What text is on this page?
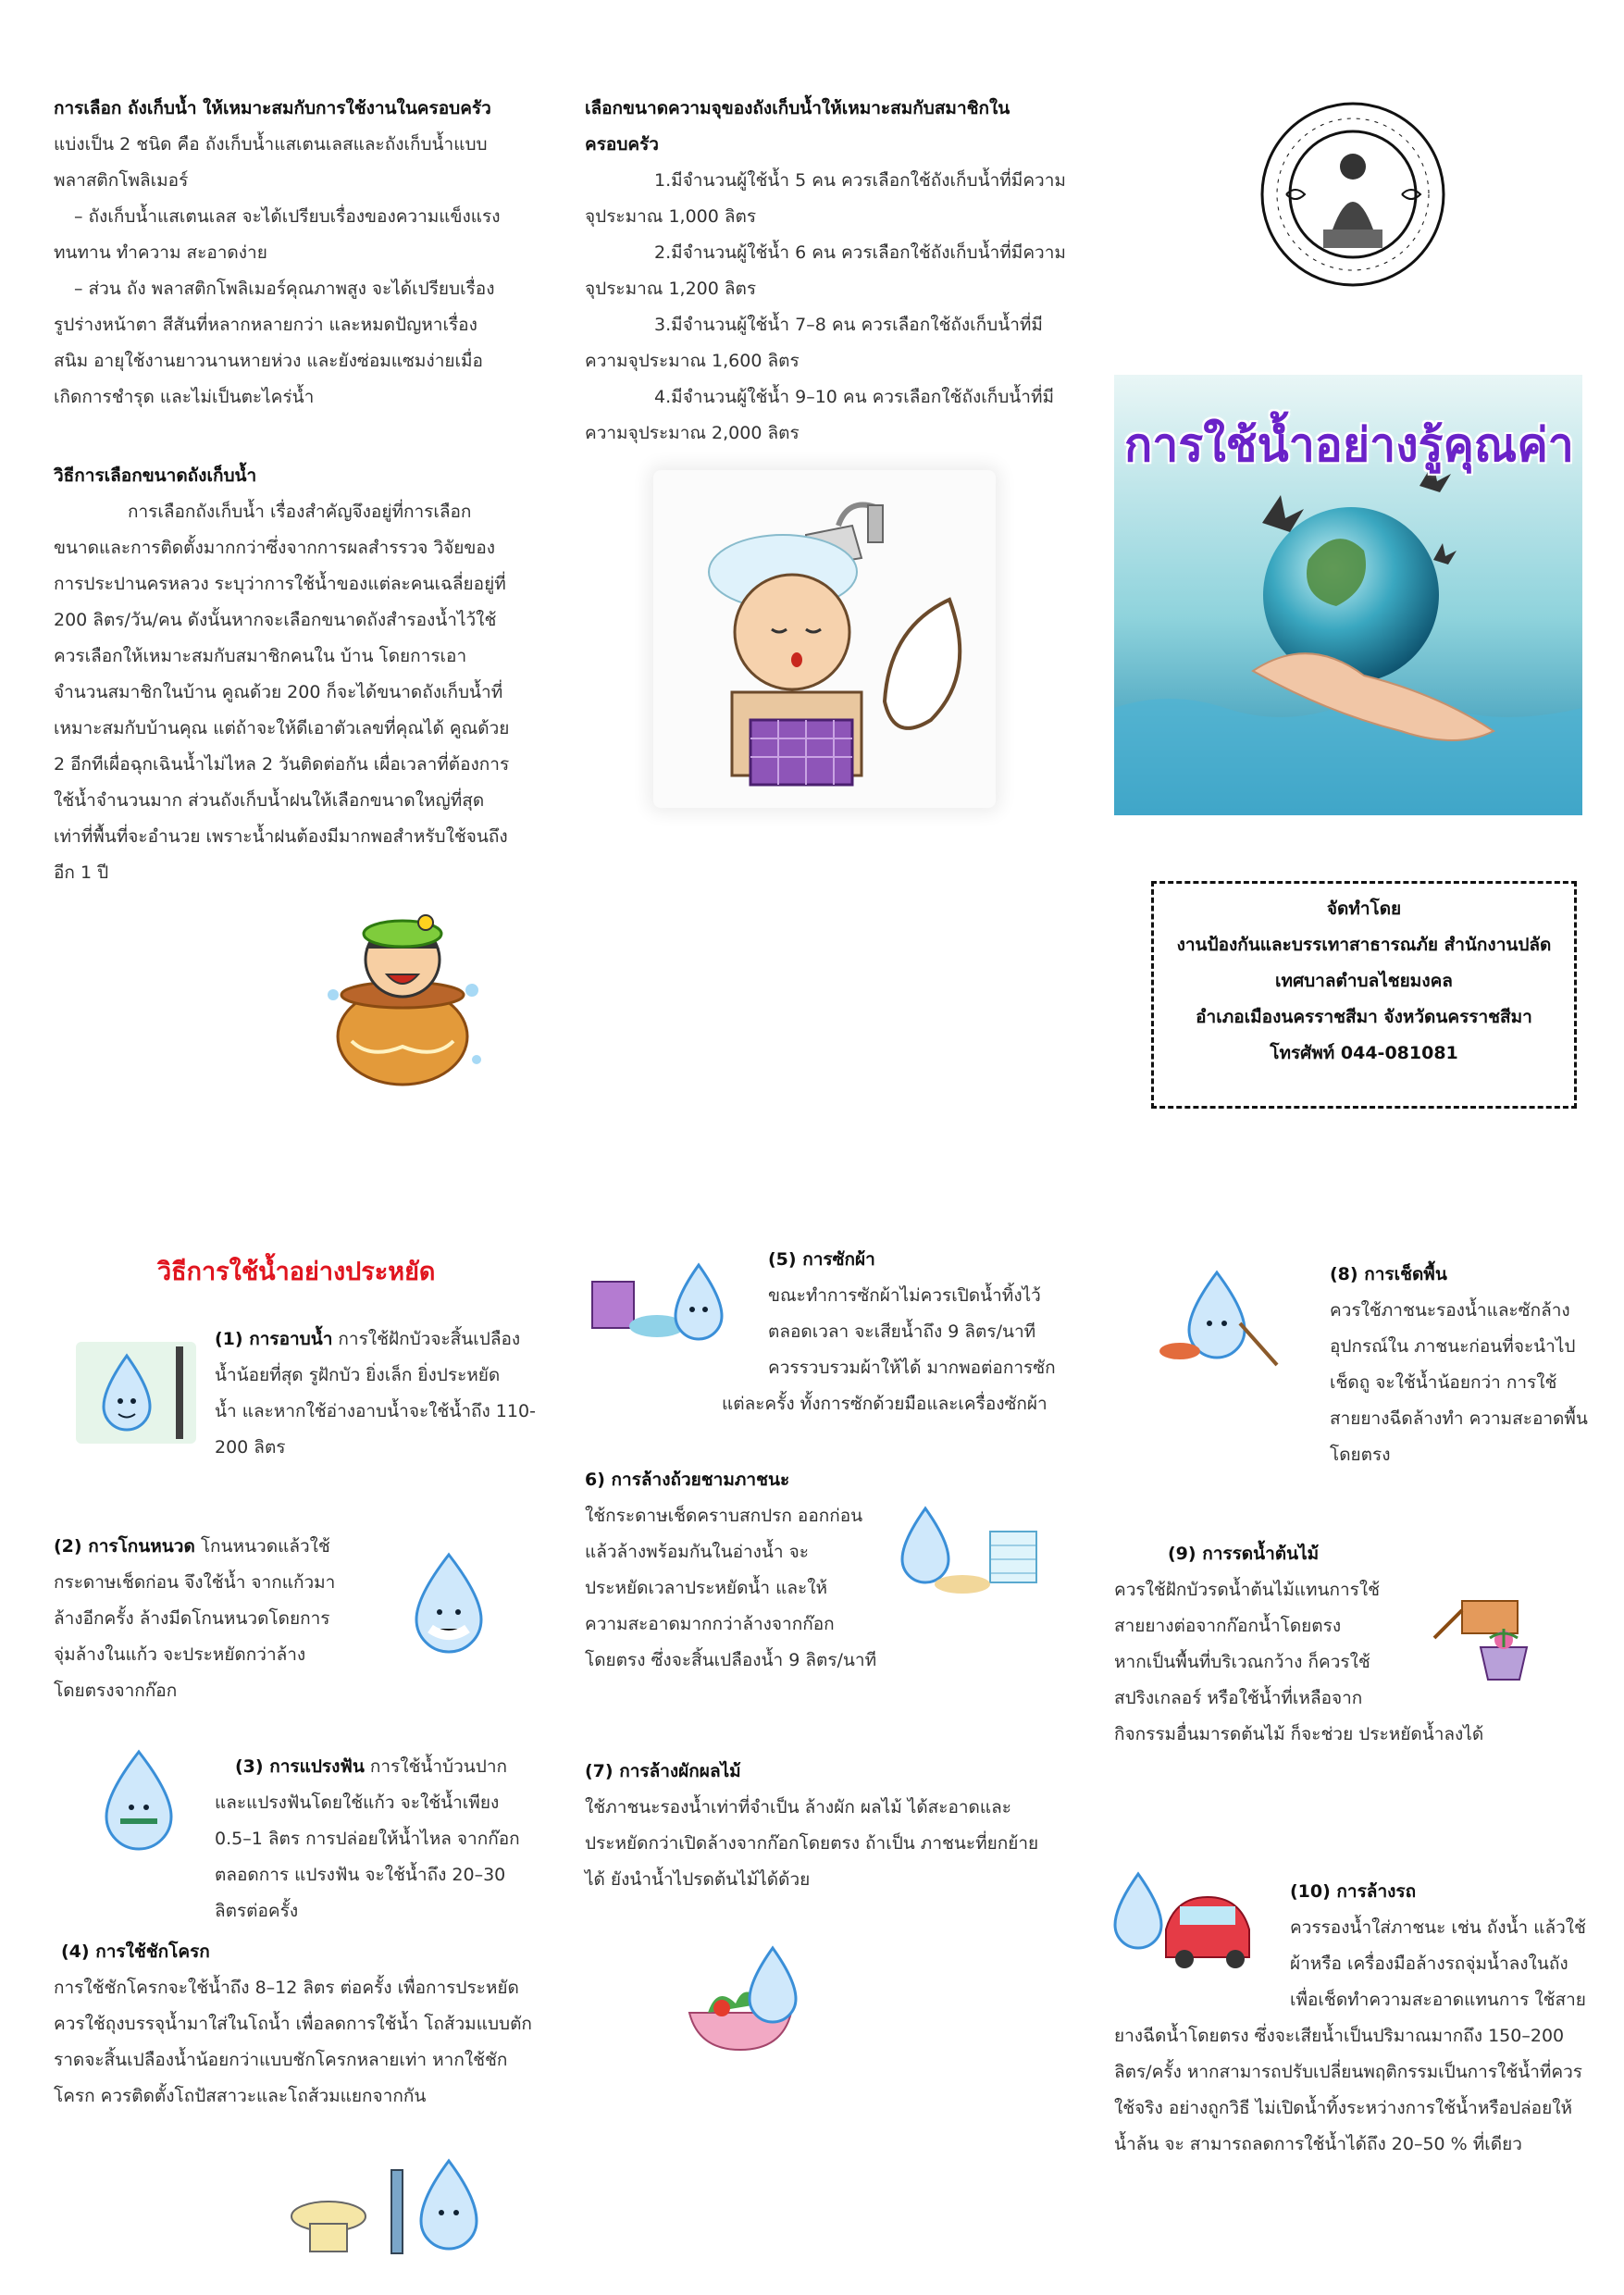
การเลือก ถังเก็บน้ำ ให้เหมาะสมกับการใช้งานในครอบครัว

แบ่งเป็น 2 ชนิด คือ ถังเก็บน้ำแสเตนเลสและถังเก็บน้ำแบบ

พลาสติกโพลิเมอร์

– ถังเก็บน้ำแสเตนเลส จะได้เปรียบเรื่องของความแข็งแรง

ทนทาน ทำความ สะอาดง่าย

– ส่วน ถัง พลาสติกโพลิเมอร์คุณภาพสูง จะได้เปรียบเรื่อง

รูปร่างหน้าตา สีสันที่หลากหลายกว่า และหมดปัญหาเรื่อง

สนิม อายุใช้งานยาวนานหายห่วง และยังซ่อมแซมง่ายเมื่อ

เกิดการชำรุด และไม่เป็นตะไคร่น้ำ

วิธีการเลือกขนาดถังเก็บน้ำ

การเลือกถังเก็บน้ำ เรื่องสำคัญจึงอยู่ที่การเลือก

ขนาดและการติดตั้งมากกว่าซึ่งจากการผลสำรรวจ วิจัยของ

การประปานครหลวง ระบุว่าการใช้น้ำของแต่ละคนเฉลี่ยอยู่ที่

200 ลิตร/วัน/คน ดังนั้นหากจะเลือกขนาดถังสำรองน้ำไว้ใช้

ควรเลือกให้เหมาะสมกับสมาชิกคนใน บ้าน โดยการเอา

จำนวนสมาชิกในบ้าน คูณด้วย 200 ก็จะได้ขนาดถังเก็บน้ำที่

เหมาะสมกับบ้านคุณ แต่ถ้าจะให้ดีเอาตัวเลขที่คุณได้ คูณด้วย

2 อีกทีเผื่อฉุกเฉินน้ำไม่ไหล 2 วันติดต่อกัน เผื่อเวลาที่ต้องการ

ใช้น้ำจำนวนมาก ส่วนถังเก็บน้ำฝนให้เลือกขนาดใหญ่ที่สุด

เท่าที่พื้นที่จะอำนวย เพราะน้ำฝนต้องมีมากพอสำหรับใช้จนถึง

อีก 1 ปี

เลือกขนาดความจุของถังเก็บน้ำให้เหมาะสมกับสมาชิกใน

ครอบครัว

1.มีจำนวนผู้ใช้น้ำ 5 คน ควรเลือกใช้ถังเก็บน้ำที่มีความ

จุประมาณ 1,000 ลิตร

2.มีจำนวนผู้ใช้น้ำ 6 คน ควรเลือกใช้ถังเก็บน้ำที่มีความ

จุประมาณ 1,200 ลิตร

3.มีจำนวนผู้ใช้น้ำ 7–8 คน ควรเลือกใช้ถังเก็บน้ำที่มี

ความจุประมาณ 1,600 ลิตร

4.มีจำนวนผู้ใช้น้ำ 9–10 คน ควรเลือกใช้ถังเก็บน้ำที่มี

ความจุประมาณ 2,000 ลิตร	การใช้น้ำอย่างรู้คุณค่า
จัดทำโดย
งานป้องกันและบรรเทาสาธารณภัย สำนักงานปลัด
เทศบาลตำบลไชยมงคล
อำเภอเมืองนครราชสีมา จังหวัดนครราชสีมา
โทรศัพท์ 044-081081
วิธีการใช้น้ำอย่างประหยัด

(1) การอาบน้ำ การใช้ฝักบัวจะสิ้นเปลือง

น้ำน้อยที่สุด รูฝักบัว ยิ่งเล็ก ยิ่งประหยัด

น้ำ และหากใช้อ่างอาบน้ำจะใช้น้ำถึง 110-

200 ลิตร

(2) การโกนหนวด โกนหนวดแล้วใช้

กระดาษเช็ดก่อน จึงใช้น้ำ จากแก้วมา

ล้างอีกครั้ง ล้างมีดโกนหนวดโดยการ

จุ่มล้างในแก้ว จะประหยัดกว่าล้าง

โดยตรงจากก๊อก

(3) การแปรงฟัน การใช้น้ำบ้วนปาก

และแปรงฟันโดยใช้แก้ว จะใช้น้ำเพียง

0.5–1 ลิตร การปล่อยให้น้ำไหล จากก๊อก

ตลอดการ แปรงฟัน จะใช้น้ำถึง 20–30

ลิตรต่อครั้ง

(4) การใช้ชักโครก

การใช้ชักโครกจะใช้น้ำถึง 8–12 ลิตร ต่อครั้ง เพื่อการประหยัด

ควรใช้ถุงบรรจุน้ำมาใส่ในโถน้ำ เพื่อลดการใช้น้ำ โถส้วมแบบตัก

ราดจะสิ้นเปลืองน้ำน้อยกว่าแบบชักโครกหลายเท่า หากใช้ชัก

โครก ควรติดตั้งโถปัสสาวะและโถส้วมแยกจากกัน

(5) การซักผ้า

ขณะทำการซักผ้าไม่ควรเปิดน้ำทิ้งไว้

ตลอดเวลา จะเสียน้ำถึง 9 ลิตร/นาที

ควรรวบรวมผ้าให้ได้ มากพอต่อการซัก

แต่ละครั้ง ทั้งการซักด้วยมือและเครื่องซักผ้า

6) การล้างถ้วยชามภาชนะ

ใช้กระดาษเช็ดคราบสกปรก ออกก่อน

แล้วล้างพร้อมกันในอ่างน้ำ จะ

ประหยัดเวลาประหยัดน้ำ และให้

ความสะอาดมากกว่าล้างจากก๊อก

โดยตรง ซึ่งจะสิ้นเปลืองน้ำ 9 ลิตร/นาที

(7) การล้างผักผลไม้

ใช้ภาชนะรองน้ำเท่าที่จำเป็น ล้างผัก ผลไม้ ได้สะอาดและ

ประหยัดกว่าเปิดล้างจากก๊อกโดยตรง ถ้าเป็น ภาชนะที่ยกย้าย

ได้ ยังนำน้ำไปรดต้นไม้ได้ด้วย

(8) การเช็ดพื้น

ควรใช้ภาชนะรองน้ำและซักล้าง

อุปกรณ์ใน ภาชนะก่อนที่จะนำไป

เช็ดถู จะใช้น้ำน้อยกว่า การใช้

สายยางฉีดล้างทำ ความสะอาดพื้น

โดยตรง

(9) การรดน้ำต้นไม้

ควรใช้ฝักบัวรดน้ำต้นไม้แทนการใช้

สายยางต่อจากก๊อกน้ำโดยตรง

หากเป็นพื้นที่บริเวณกว้าง ก็ควรใช้

สปริงเกลอร์ หรือใช้น้ำที่เหลือจาก

กิจกรรมอื่นมารดต้นไม้ ก็จะช่วย ประหยัดน้ำลงได้

(10) การล้างรถ

ควรรองน้ำใส่ภาชนะ เช่น ถังน้ำ แล้วใช้

ผ้าหรือ เครื่องมือล้างรถจุ่มน้ำลงในถัง

เพื่อเช็ดทำความสะอาดแทนการ ใช้สาย

ยางฉีดน้ำโดยตรง ซึ่งจะเสียน้ำเป็นปริมาณมากถึง 150–200

ลิตร/ครั้ง หากสามารถปรับเปลี่ยนพฤติกรรมเป็นการใช้น้ำที่ควร

ใช้จริง อย่างถูกวิธี ไม่เปิดน้ำทิ้งระหว่างการใช้น้ำหรือปล่อยให้

น้ำล้น จะ สามารถลดการใช้น้ำได้ถึง 20–50 % ที่เดียว
